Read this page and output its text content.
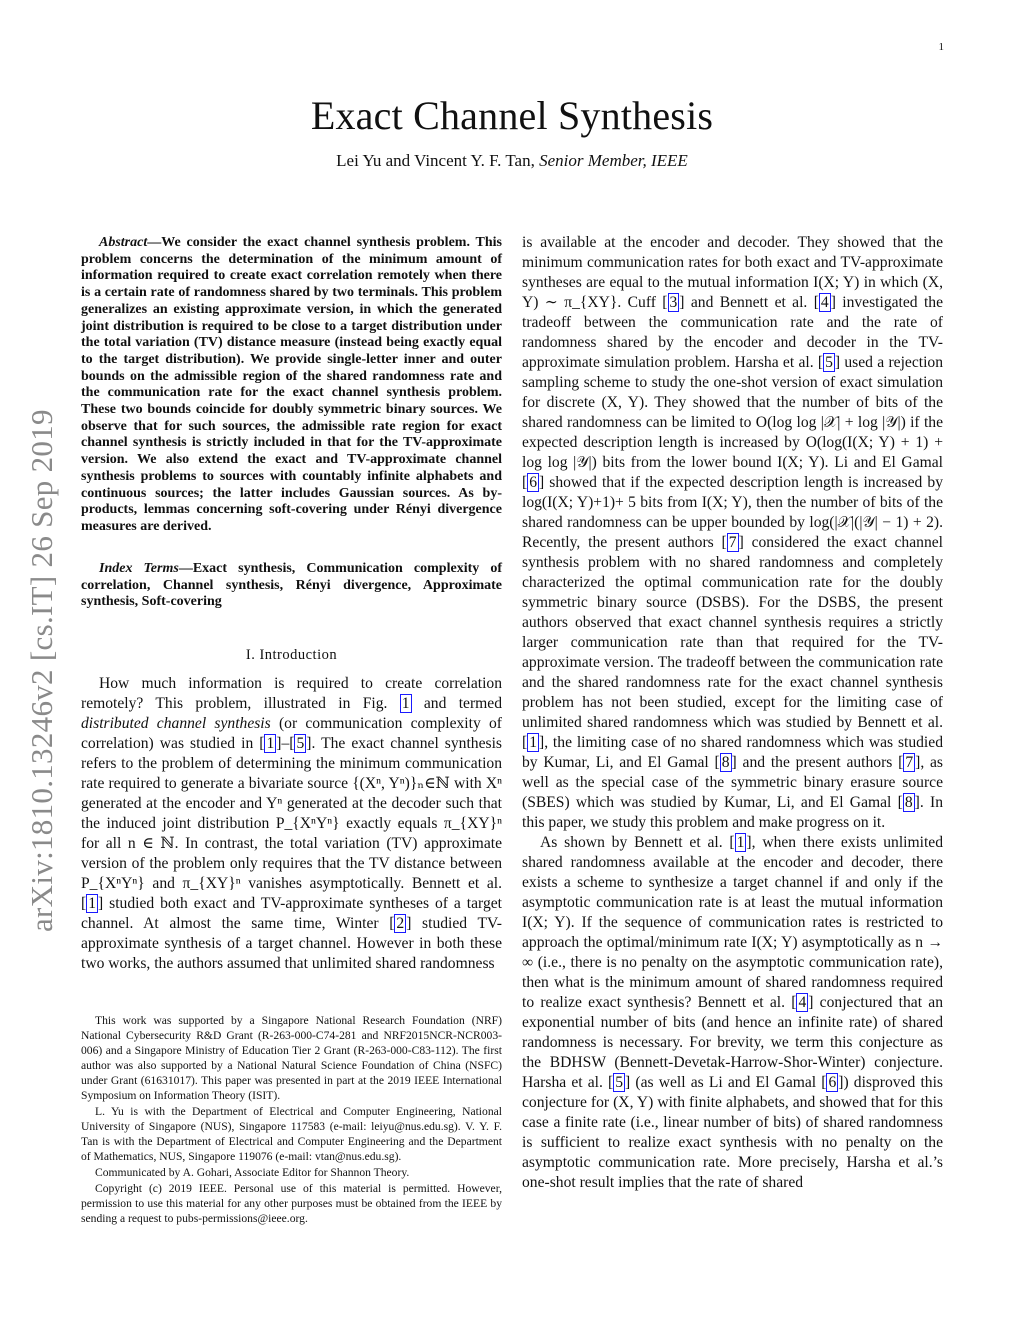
1
arXiv:1810.13246v2 [cs.IT] 26 Sep 2019
Exact Channel Synthesis
Lei Yu and Vincent Y. F. Tan, Senior Member, IEEE

Abstract—We consider the exact channel synthesis problem. This problem concerns the determination of the minimum amount of information required to create exact correlation remotely when there is a certain rate of randomness shared by two terminals. This problem generalizes an existing approximate version, in which the generated joint distribution is required to be close to a target distribution under the total variation (TV) distance measure (instead being exactly equal to the target distribution). We provide single-letter inner and outer bounds on the admissible region of the shared randomness rate and the communication rate for the exact channel synthesis problem. These two bounds coincide for doubly symmetric binary sources. We observe that for such sources, the admissible rate region for exact channel synthesis is strictly included in that for the TV-approximate version. We also extend the exact and TV-approximate channel synthesis problems to sources with countably infinite alphabets and continuous sources; the latter includes Gaussian sources. As by-products, lemmas concerning soft-covering under Rényi divergence measures are derived.

Index Terms—Exact synthesis, Communication complexity of correlation, Channel synthesis, Rényi divergence, Approximate synthesis, Soft-covering

I. Introduction

How much information is required to create correlation remotely? This problem, illustrated in Fig. 1 and termed distributed channel synthesis (or communication complexity of correlation) was studied in [ 1 ]–[ 5 ]. The exact channel synthesis refers to the problem of determining the minimum communication rate required to generate a bivariate source {(Xⁿ, Yⁿ)}ₙ∈ℕ with Xⁿ generated at the encoder and Yⁿ generated at the decoder such that the induced joint distribution P_{XⁿYⁿ} exactly equals π_{XY}ⁿ for all n ∈ ℕ. In contrast, the total variation (TV) approximate version of the problem only requires that the TV distance between P_{XⁿYⁿ} and π_{XY}ⁿ vanishes asymptotically. Bennett et al. [ 1 ] studied both exact and TV-approximate syntheses of a target channel. At almost the same time, Winter [ 2 ] studied TV-approximate synthesis of a target channel. However in both these two works, the authors assumed that unlimited shared randomness

This work was supported by a Singapore National Research Foundation (NRF) National Cybersecurity R&D Grant (R-263-000-C74-281 and NRF2015NCR-NCR003-006) and a Singapore Ministry of Education Tier 2 Grant (R-263-000-C83-112). The first author was also supported by a National Natural Science Foundation of China (NSFC) under Grant (61631017). This paper was presented in part at the 2019 IEEE International Symposium on Information Theory (ISIT).

L. Yu is with the Department of Electrical and Computer Engineering, National University of Singapore (NUS), Singapore 117583 (e-mail: leiyu@nus.edu.sg). V. Y. F. Tan is with the Department of Electrical and Computer Engineering and the Department of Mathematics, NUS, Singapore 119076 (e-mail: vtan@nus.edu.sg).

Communicated by A. Gohari, Associate Editor for Shannon Theory.

Copyright (c) 2019 IEEE. Personal use of this material is permitted. However, permission to use this material for any other purposes must be obtained from the IEEE by sending a request to pubs-permissions@ieee.org.

is available at the encoder and decoder. They showed that the minimum communication rates for both exact and TV-approximate syntheses are equal to the mutual information I(X; Y) in which (X, Y) ∼ π_{XY}. Cuff [ 3 ] and Bennett et al. [ 4 ] investigated the tradeoff between the communication rate and the rate of randomness shared by the encoder and decoder in the TV-approximate simulation problem. Harsha et al. [ 5 ] used a rejection sampling scheme to study the one-shot version of exact simulation for discrete (X, Y). They showed that the number of bits of the shared randomness can be limited to O(log log |𝒳| + log |𝒴|) if the expected description length is increased by O(log(I(X; Y) + 1) + log log |𝒴|) bits from the lower bound I(X; Y). Li and El Gamal [ 6 ] showed that if the expected description length is increased by log(I(X; Y)+1)+ 5 bits from I(X; Y), then the number of bits of the shared randomness can be upper bounded by log(|𝒳|(|𝒴| − 1) + 2). Recently, the present authors [ 7 ] considered the exact channel synthesis problem with no shared randomness and completely characterized the optimal communication rate for the doubly symmetric binary source (DSBS). For the DSBS, the present authors observed that exact channel synthesis requires a strictly larger communication rate than that required for the TV-approximate version. The tradeoff between the communication rate and the shared randomness rate for the exact channel synthesis problem has not been studied, except for the limiting case of unlimited shared randomness which was studied by Bennett et al. [ 1 ], the limiting case of no shared randomness which was studied by Kumar, Li, and El Gamal [ 8 ] and the present authors [ 7 ], as well as the special case of the symmetric binary erasure source (SBES) which was studied by Kumar, Li, and El Gamal [ 8 ]. In this paper, we study this problem and make progress on it.

As shown by Bennett et al. [ 1 ], when there exists unlimited shared randomness available at the encoder and decoder, there exists a scheme to synthesize a target channel if and only if the asymptotic communication rate is at least the mutual information I(X; Y). If the sequence of communication rates is restricted to approach the optimal/minimum rate I(X; Y) asymptotically as n → ∞ (i.e., there is no penalty on the asymptotic communication rate), then what is the minimum amount of shared randomness required to realize exact synthesis? Bennett et al. [ 4 ] conjectured that an exponential number of bits (and hence an infinite rate) of shared randomness is necessary. For brevity, we term this conjecture as the BDHSW (Bennett-Devetak-Harrow-Shor-Winter) conjecture. Harsha et al. [ 5 ] (as well as Li and El Gamal [ 6 ]) disproved this conjecture for (X, Y) with finite alphabets, and showed that for this case a finite rate (i.e., linear number of bits) of shared randomness is sufficient to realize exact synthesis with no penalty on the asymptotic communication rate. More precisely, Harsha et al.’s one-shot result implies that the rate of shared
